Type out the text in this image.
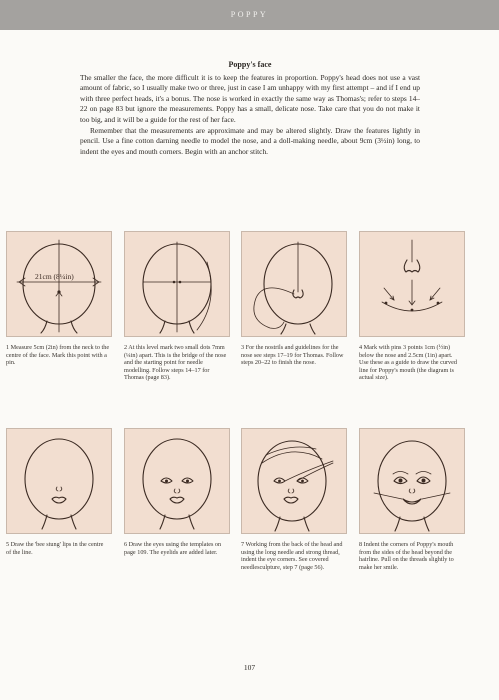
POPPY
Poppy's face

The smaller the face, the more difficult it is to keep the features in proportion. Poppy's head does not use a vast amount of fabric, so I usually make two or three, just in case I am unhappy with my first attempt – and if I end up with three perfect heads, it's a bonus. The nose is worked in exactly the same way as Thomas's; refer to steps 14–22 on page 83 but ignore the measurements. Poppy has a small, delicate nose. Take care that you do not make it too big, and it will be a guide for the rest of her face.

Remember that the measurements are approximate and may be altered slightly. Draw the features lightly in pencil. Use a fine cotton darning needle to model the nose, and a doll-making needle, about 9cm (3½in) long, to indent the eyes and mouth corners. Begin with an anchor stitch.

21cm (8¼in)
1 Measure 5cm (2in) from the neck to the centre of the face. Mark this point with a pin.
2 At this level mark two small dots 7mm (¼in) apart. This is the bridge of the nose and the starting point for needle modelling. Follow steps 14–17 for Thomas (page 83).
3 For the nostrils and guidelines for the nose see steps 17–19 for Thomas. Follow steps 20–22 to finish the nose.
4 Mark with pins 3 points 1cm (½in) below the nose and 2.5cm (1in) apart. Use these as a guide to draw the curved line for Poppy's mouth (the diagram is actual size).
5 Draw the 'bee stung' lips in the centre of the line.
6 Draw the eyes using the templates on page 109. The eyelids are added later.
7 Working from the back of the head and using the long needle and strong thread, indent the eye corners. See covered needlesculpture, step 7 (page 56).
8 Indent the corners of Poppy's mouth from the sides of the head beyond the hairline. Pull on the threads slightly to make her smile.
107
